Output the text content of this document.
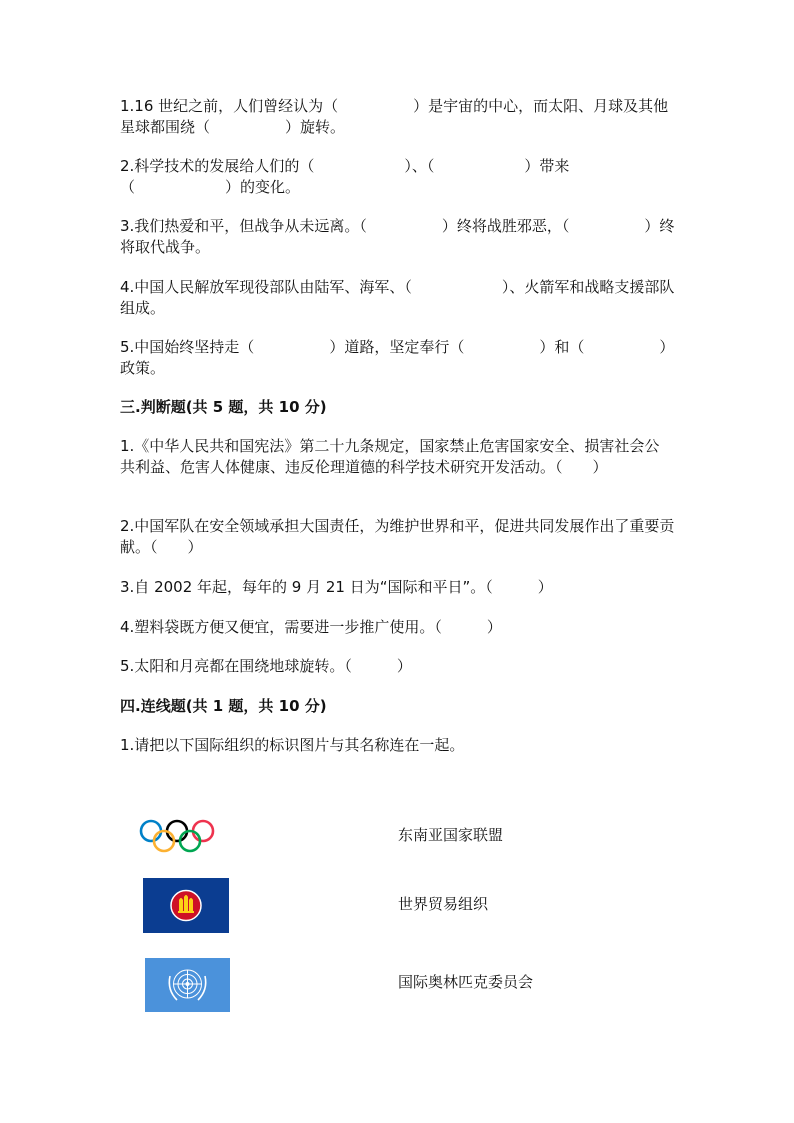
1.16 世纪之前，人们曾经认为（　　　　　）是宇宙的中心，而太阳、月球及其他星球都围绕（　　　　　）旋转。

2.科学技术的发展给人们的（　　　　　　）、（　　　　　　）带来（　　　　　　）的变化。

3.我们热爱和平，但战争从未远离。（　　　　　）终将战胜邪恶，（　　　　　）终将取代战争。

4.中国人民解放军现役部队由陆军、海军、（　　　　　　）、火箭军和战略支援部队组成。

5.中国始终坚持走（　　　　　）道路，坚定奉行（　　　　　）和（　　　　　）政策。

三.判断题(共 5 题，共 10 分)

1.《中华人民共和国宪法》第二十九条规定，国家禁止危害国家安全、损害社会公  共利益、危害人体健康、违反伦理道德的科学技术研究开发活动。（　　）

2.中国军队在安全领域承担大国责任，为维护世界和平，促进共同发展作出了重要贡献。（　　）

3.自 2002 年起，每年的 9 月 21 日为“国际和平日”。（　　　）

4.塑料袋既方便又便宜，需要进一步推广使用。（　　　）

5.太阳和月亮都在围绕地球旋转。（　　　）

四.连线题(共 1 题，共 10 分)

1.请把以下国际组织的标识图片与其名称连在一起。

东南亚国家联盟
世界贸易组织
国际奥林匹克委员会
